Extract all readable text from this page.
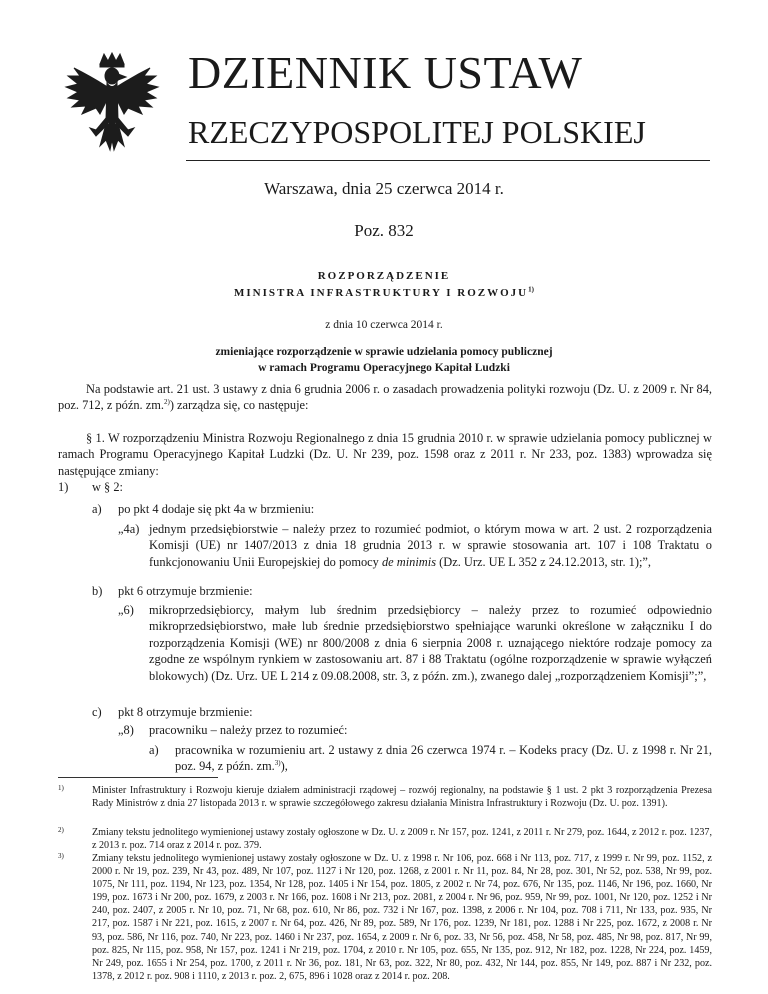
DZIENNIK USTAW
RZECZYPOSPOLITEJ POLSKIEJ
Warszawa, dnia 25 czerwca 2014 r.
Poz. 832
ROZPORZĄDZENIE
MINISTRA INFRASTRUKTURY I ROZWOJU$^{1)}$
z dnia 10 czerwca 2014 r.
zmieniające rozporządzenie w sprawie udzielania pomocy publicznej
w ramach Programu Operacyjnego Kapitał Ludzki
Na podstawie art. 21 ust. 3 ustawy z dnia 6 grudnia 2006 r. o zasadach prowadzenia polityki rozwoju (Dz. U. z 2009 r. Nr 84, poz. 712, z późn. zm.$^{2)}$) zarządza się, co następuje:
§ 1. W rozporządzeniu Ministra Rozwoju Regionalnego z dnia 15 grudnia 2010 r. w sprawie udzielania pomocy publicznej w ramach Programu Operacyjnego Kapitał Ludzki (Dz. U. Nr 239, poz. 1598 oraz z 2011 r. Nr 233, poz. 1383) wprowadza się następujące zmiany:
1) w § 2:
a) po pkt 4 dodaje się pkt 4a w brzmieniu:
„4a) jednym przedsiębiorstwie – należy przez to rozumieć podmiot, o którym mowa w art. 2 ust. 2 rozporządzenia Komisji (UE) nr 1407/2013 z dnia 18 grudnia 2013 r. w sprawie stosowania art. 107 i 108 Traktatu o funkcjonowaniu Unii Europejskiej do pomocy de minimis (Dz. Urz. UE L 352 z 24.12.2013, str. 1);”,
b) pkt 6 otrzymuje brzmienie:
„6) mikroprzedsiębiorcy, małym lub średnim przedsiębiorcy – należy przez to rozumieć odpowiednio mikroprzedsiębiorstwo, małe lub średnie przedsiębiorstwo spełniające warunki określone w załączniku I do rozporządzenia Komisji (WE) nr 800/2008 z dnia 6 sierpnia 2008 r. uznającego niektóre rodzaje pomocy za zgodne ze wspólnym rynkiem w zastosowaniu art. 87 i 88 Traktatu (ogólne rozporządzenie w sprawie wyłączeń blokowych) (Dz. Urz. UE L 214 z 09.08.2008, str. 3, z późn. zm.), zwanego dalej „rozporządzeniem Komisji”;”,
c) pkt 8 otrzymuje brzmienie:
„8) pracowniku – należy przez to rozumieć:
a) pracownika w rozumieniu art. 2 ustawy z dnia 26 czerwca 1974 r. – Kodeks pracy (Dz. U. z 1998 r. Nr 21, poz. 94, z późn. zm.$^{3)}$),
1)	Minister Infrastruktury i Rozwoju kieruje działem administracji rządowej – rozwój regionalny, na podstawie § 1 ust. 2 pkt 3 rozporządzenia Prezesa Rady Ministrów z dnia 27 listopada 2013 r. w sprawie szczegółowego zakresu działania Ministra Infrastruktury i Rozwoju (Dz. U. poz. 1391).
2)	Zmiany tekstu jednolitego wymienionej ustawy zostały ogłoszone w Dz. U. z 2009 r. Nr 157, poz. 1241, z 2011 r. Nr 279, poz. 1644, z 2012 r. poz. 1237, z 2013 r. poz. 714 oraz z 2014 r. poz. 379.
3)	Zmiany tekstu jednolitego wymienionej ustawy zostały ogłoszone w Dz. U. z 1998 r. Nr 106, poz. 668 i Nr 113, poz. 717, z 1999 r. Nr 99, poz. 1152, z 2000 r. Nr 19, poz. 239, Nr 43, poz. 489, Nr 107, poz. 1127 i Nr 120, poz. 1268, z 2001 r. Nr 11, poz. 84, Nr 28, poz. 301, Nr 52, poz. 538, Nr 99, poz. 1075, Nr 111, poz. 1194, Nr 123, poz. 1354, Nr 128, poz. 1405 i Nr 154, poz. 1805, z 2002 r. Nr 74, poz. 676, Nr 135, poz. 1146, Nr 196, poz. 1660, Nr 199, poz. 1673 i Nr 200, poz. 1679, z 2003 r. Nr 166, poz. 1608 i Nr 213, poz. 2081, z 2004 r. Nr 96, poz. 959, Nr 99, poz. 1001, Nr 120, poz. 1252 i Nr 240, poz. 2407, z 2005 r. Nr 10, poz. 71, Nr 68, poz. 610, Nr 86, poz. 732 i Nr 167, poz. 1398, z 2006 r. Nr 104, poz. 708 i 711, Nr 133, poz. 935, Nr 217, poz. 1587 i Nr 221, poz. 1615, z 2007 r. Nr 64, poz. 426, Nr 89, poz. 589, Nr 176, poz. 1239, Nr 181, poz. 1288 i Nr 225, poz. 1672, z 2008 r. Nr 93, poz. 586, Nr 116, poz. 740, Nr 223, poz. 1460 i Nr 237, poz. 1654, z 2009 r. Nr 6, poz. 33, Nr 56, poz. 458, Nr 58, poz. 485, Nr 98, poz. 817, Nr 99, poz. 825, Nr 115, poz. 958, Nr 157, poz. 1241 i Nr 219, poz. 1704, z 2010 r. Nr 105, poz. 655, Nr 135, poz. 912, Nr 182, poz. 1228, Nr 224, poz. 1459, Nr 249, poz. 1655 i Nr 254, poz. 1700, z 2011 r. Nr 36, poz. 181, Nr 63, poz. 322, Nr 80, poz. 432, Nr 144, poz. 855, Nr 149, poz. 887 i Nr 232, poz. 1378, z 2012 r. poz. 908 i 1110, z 2013 r. poz. 2, 675, 896 i 1028 oraz z 2014 r. poz. 208.
